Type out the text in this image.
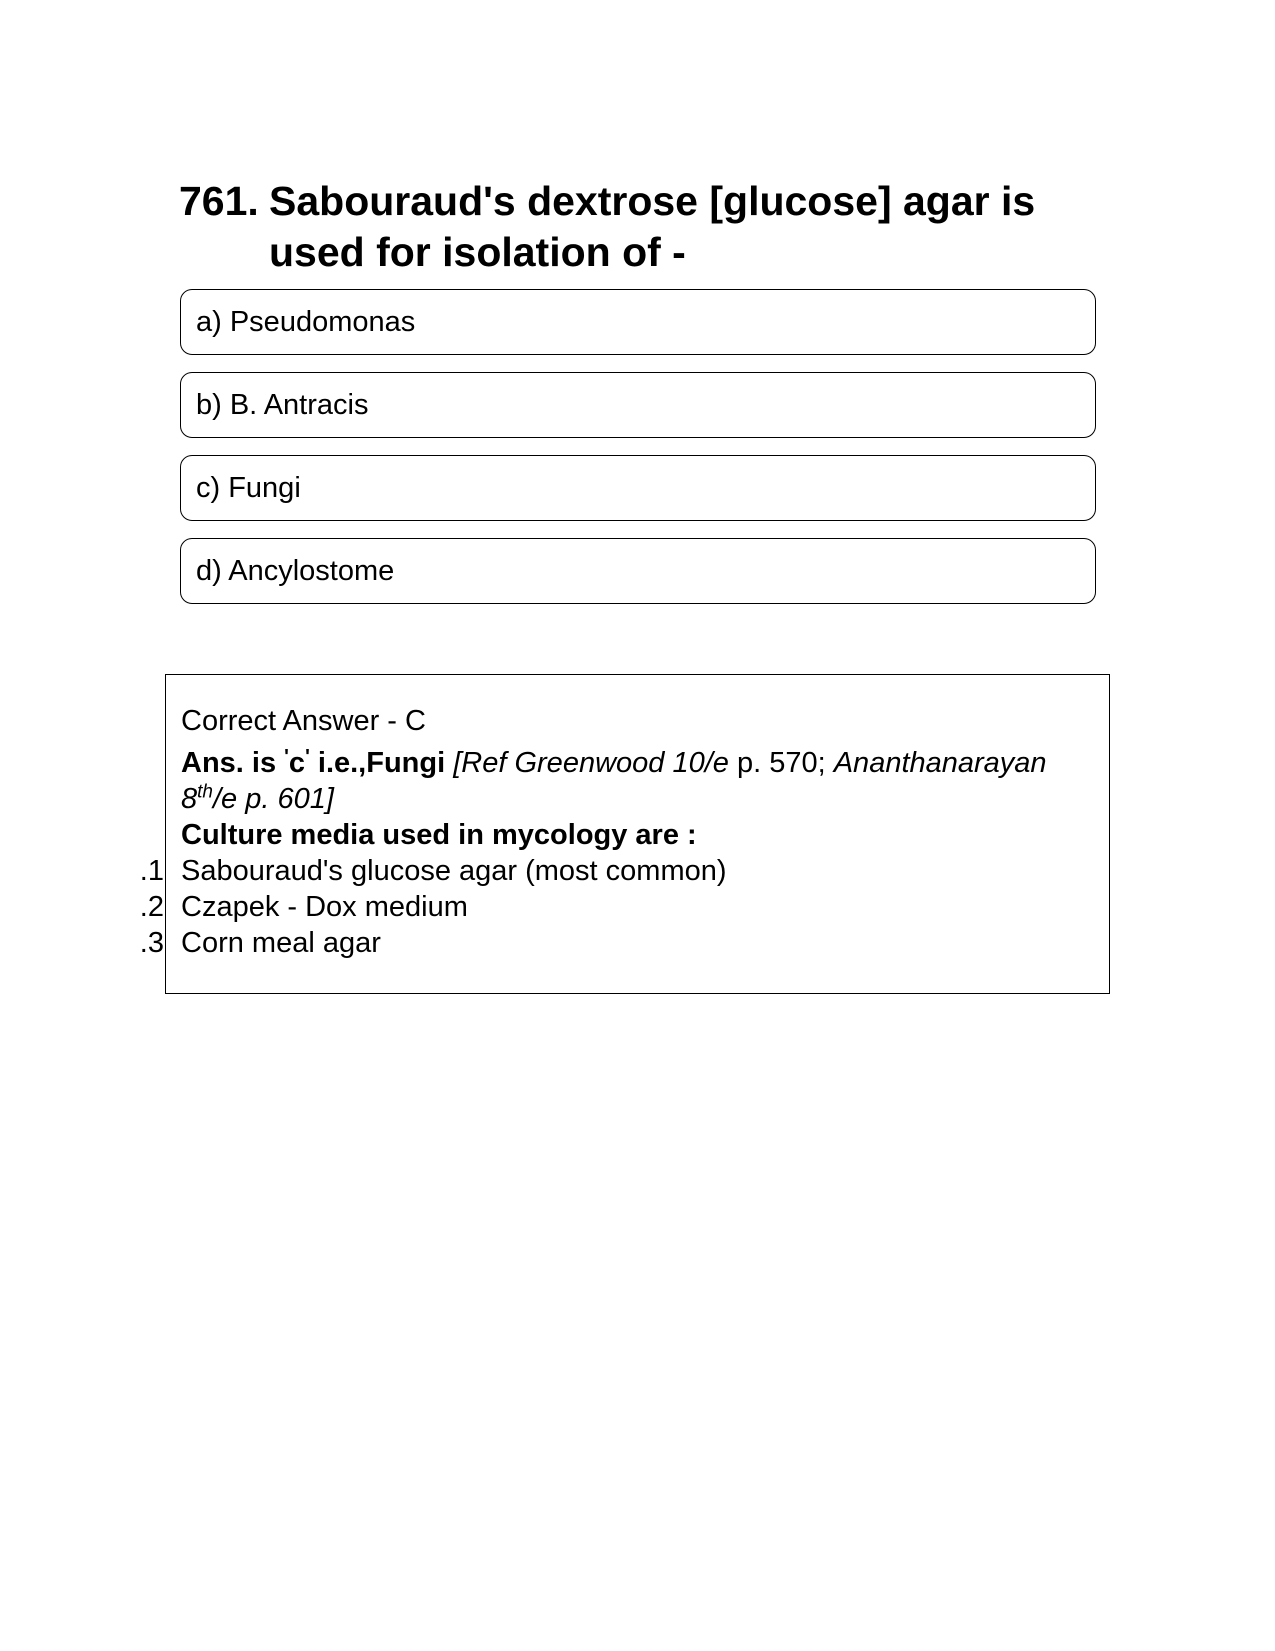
761. Sabouraud's dextrose [glucose] agar is used for isolation of -
a) Pseudomonas
b) B. Antracis
c) Fungi
d) Ancylostome
Correct Answer - C
Ans. is 'c' i.e.,Fungi [Ref Greenwood 10/e p. 570; Ananthanarayan
8th/e p. 601]
Culture media used in mycology are :
1. Sabouraud's glucose agar (most common)
2. Czapek - Dox medium
3. Corn meal agar
